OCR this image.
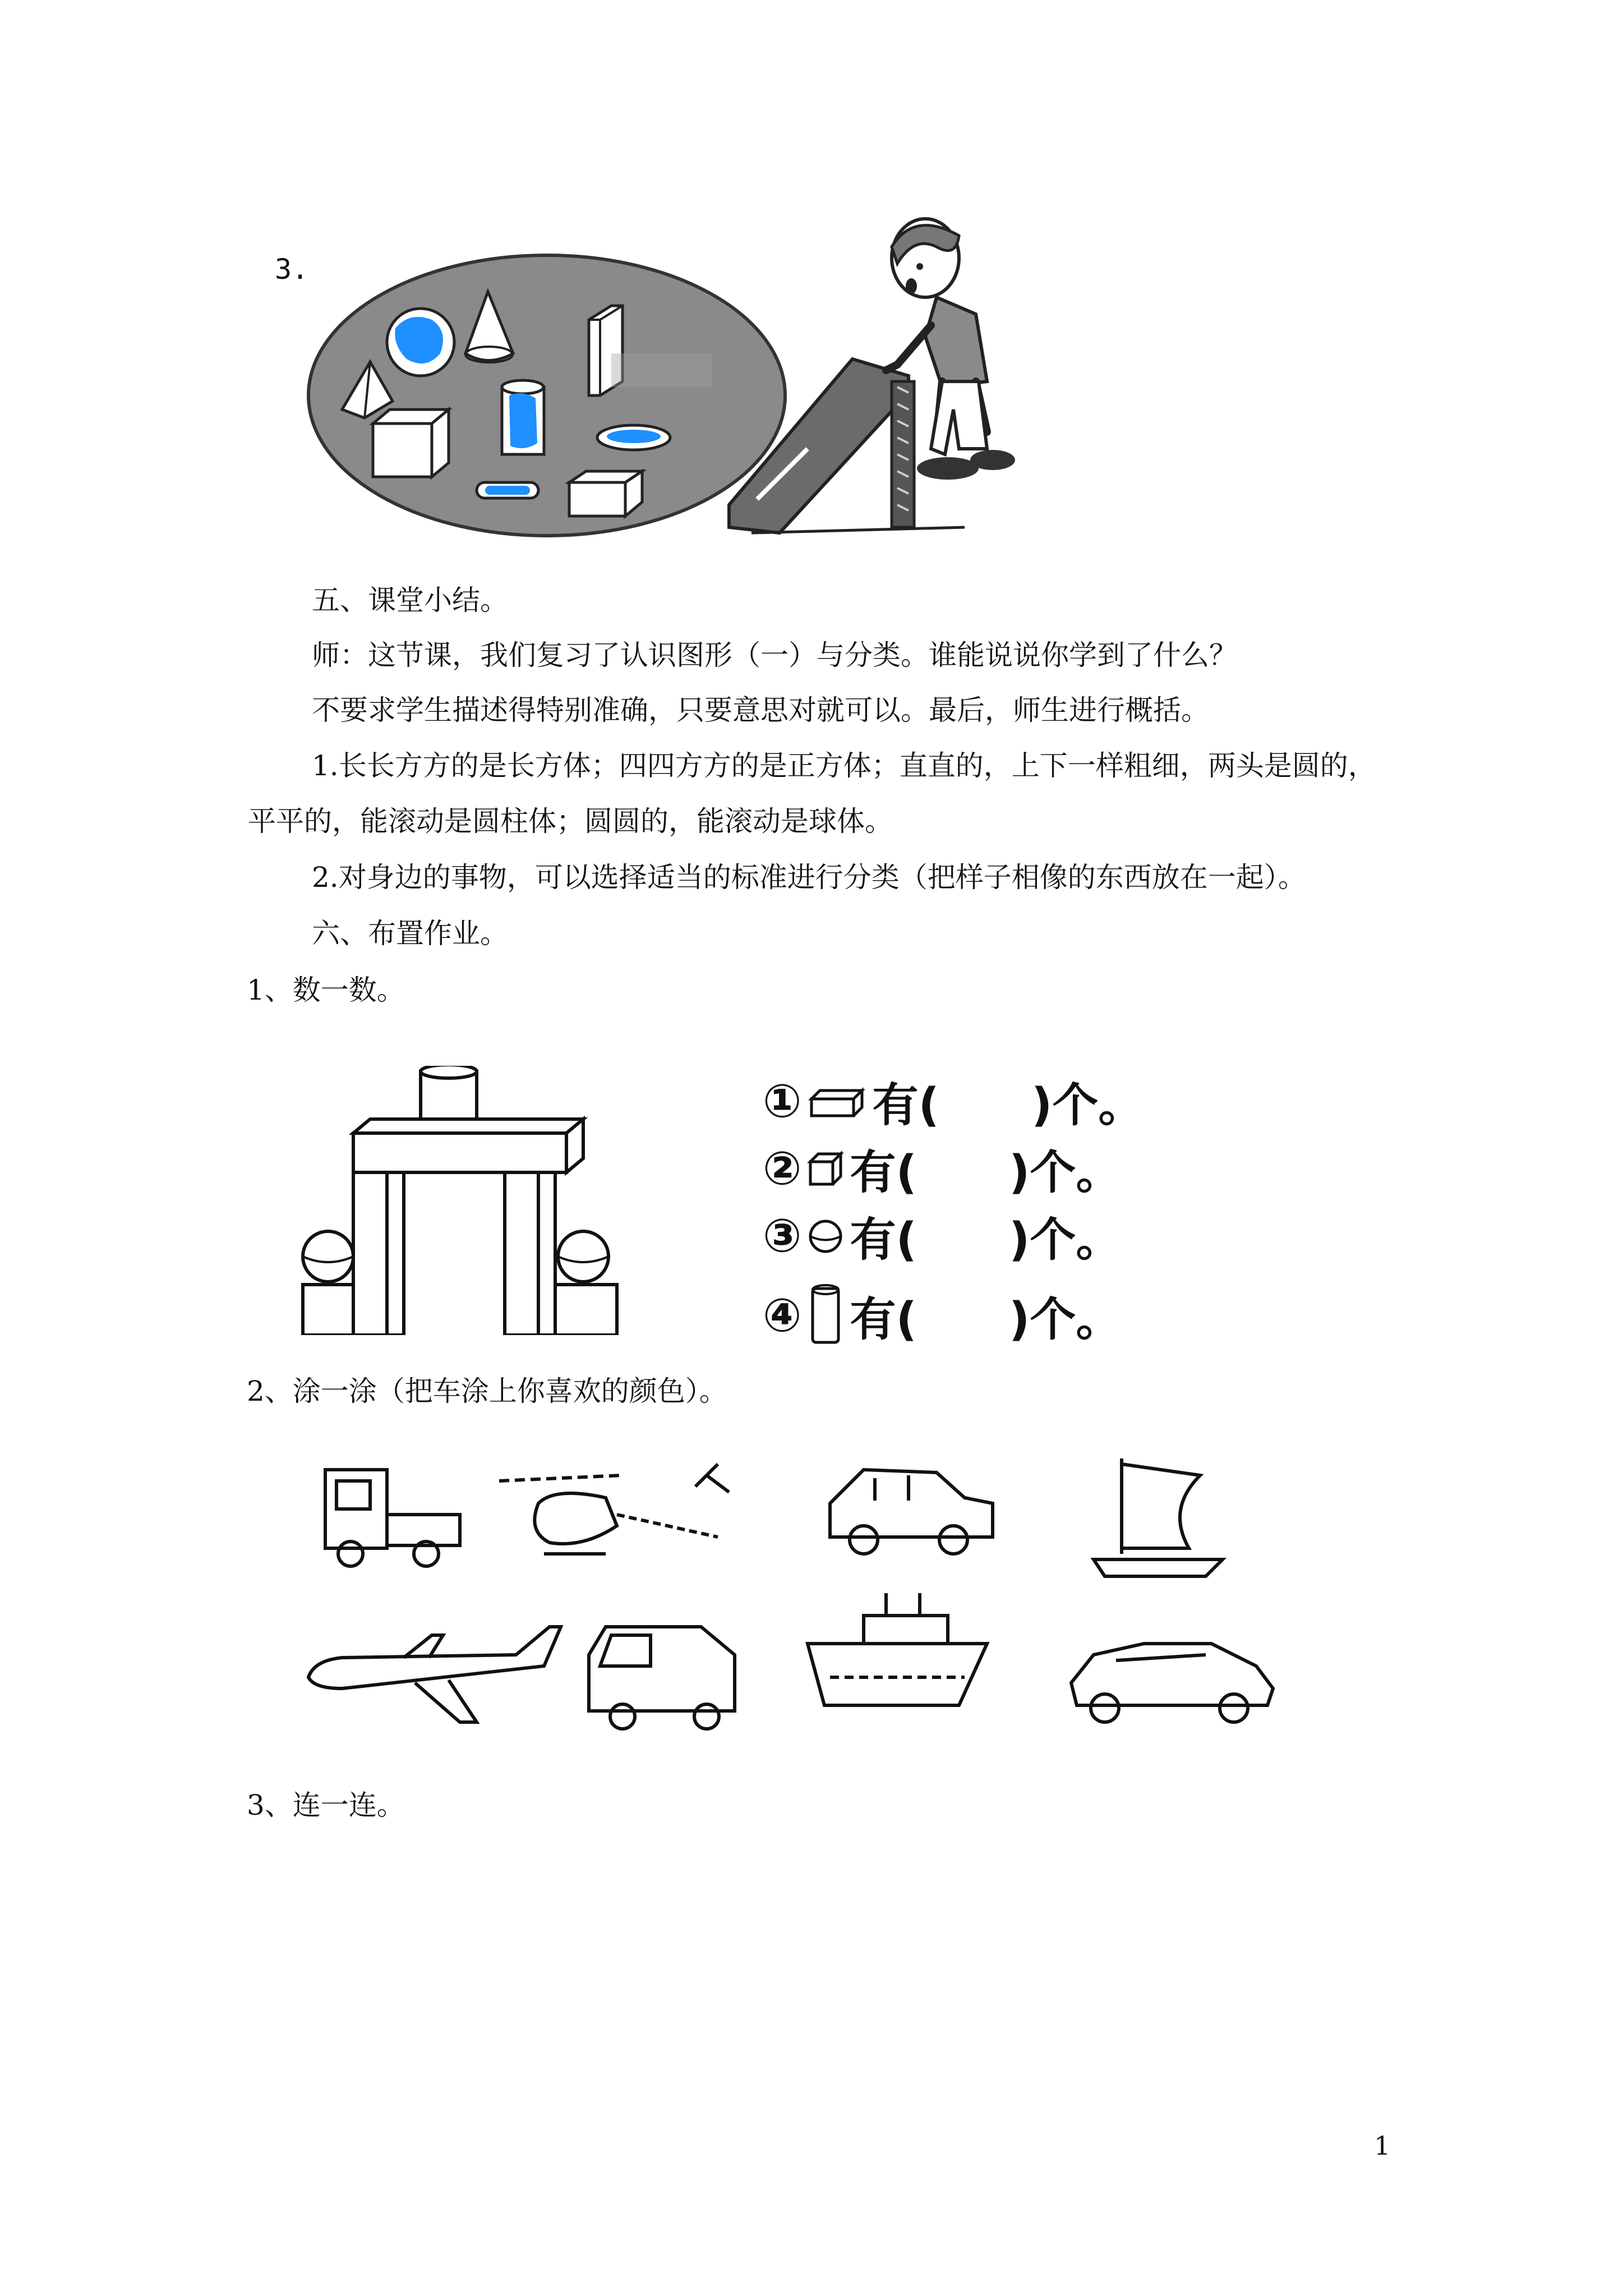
3.
五、课堂小结。
师：这节课，我们复习了认识图形（一）与分类。谁能说说你学到了什么？
不要求学生描述得特别准确，只要意思对就可以。最后，师生进行概括。
1.长长方方的是长方体；四四方方的是正方体；直直的，上下一样粗细，两头是圆的，
平平的，能滚动是圆柱体；圆圆的，能滚动是球体。
2.对身边的事物，可以选择适当的标准进行分类（把样子相像的东西放在一起）。
六、布置作业。
1、数一数。
① 有(　　)个。
② 有(　　)个。
③ 有(　　)个。
④ 有(　　)个。
2、涂一涂（把车涂上你喜欢的颜色）。
3、连一连。
1
